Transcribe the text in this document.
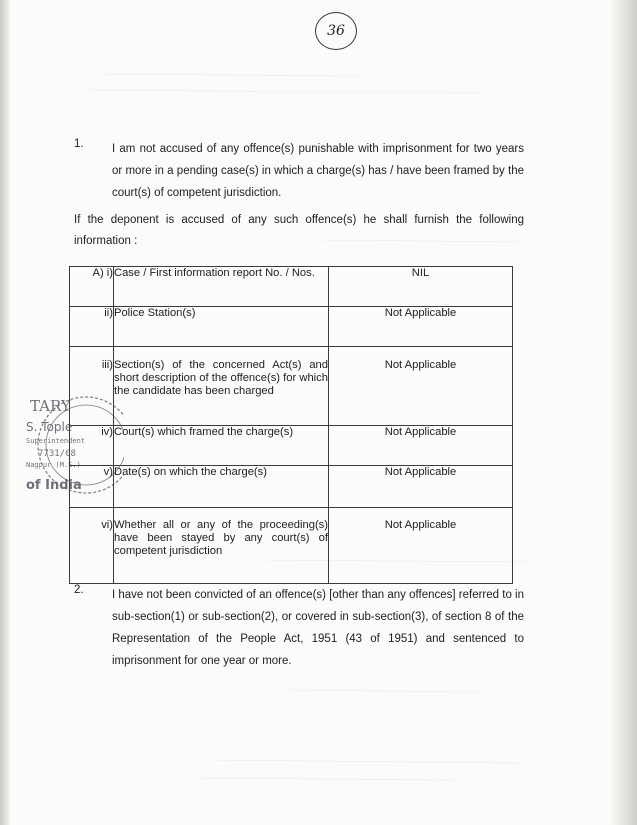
36
1. I am not accused of any offence(s) punishable with imprisonment for two years or more in a pending case(s) in which a charge(s) has / have been framed by the court(s) of competent jurisdiction.

If the deponent is accused of any such offence(s) he shall furnish the following information :

A) i)	Case / First information report No. / Nos.	NIL
ii)	Police Station(s)	Not Applicable
iii)	Section(s) of the concerned Act(s) and short description of the offence(s) for which the candidate has been charged	Not Applicable
iv)	Court(s) which framed the charge(s)	Not Applicable
v)	Date(s) on which the charge(s)	Not Applicable
vi)	Whether all or any of the proceeding(s) have been stayed by any court(s) of competent jurisdiction	Not Applicable
2. I have not been convicted of an offence(s) [other than any offences] referred to in sub-section(1) or sub-section(2), or covered in sub-section(3), of section 8 of the Representation of the People Act, 1951 (43 of 1951) and sentenced to imprisonment for one year or more.

TARY
S. Tople
Superintendent
7731/08
Nagpur (M.S.)
of India
